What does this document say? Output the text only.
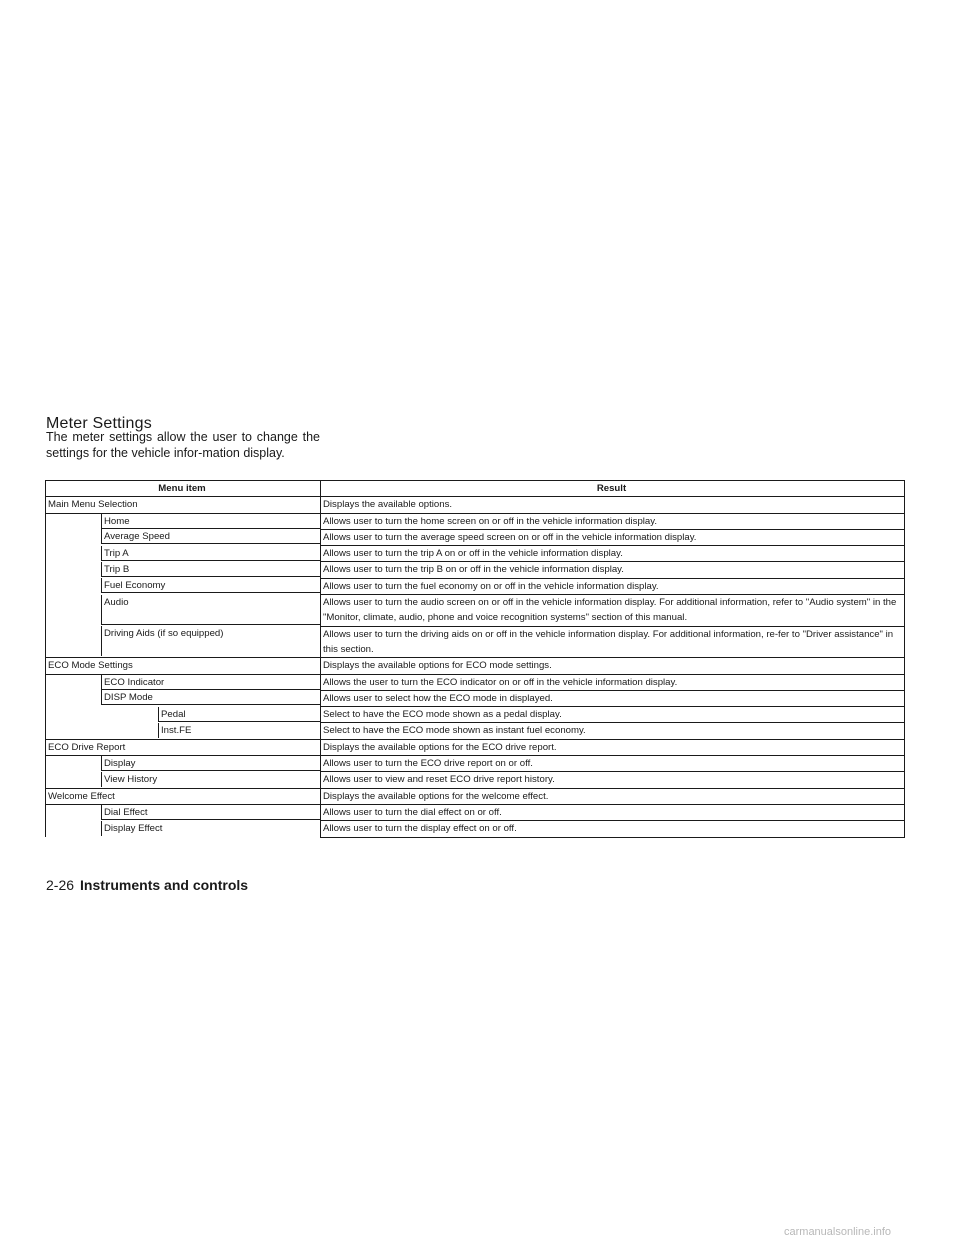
Meter Settings

The meter settings allow the user to change the settings for the vehicle infor-mation display.

Menu item	Result

Main Menu Selection	Displays the available options.

Home	Allows user to turn the home screen on or off in the vehicle information display.

Average Speed	Allows user to turn the average speed screen on or off in the vehicle information display.

Trip A	Allows user to turn the trip A on or off in the vehicle information display.

Trip B	Allows user to turn the trip B on or off in the vehicle information display.

Fuel Economy	Allows user to turn the fuel economy on or off in the vehicle information display.

Audio	Allows user to turn the audio screen on or off in the vehicle information display. For additional information, refer to "Audio system" in the "Monitor, climate, audio, phone and voice recognition systems" section of this manual.

Driving Aids (if so equipped)	Allows user to turn the driving aids on or off in the vehicle information display. For additional information, re-fer to "Driver assistance" in this section.

ECO Mode Settings	Displays the available options for ECO mode settings.

ECO Indicator	Allows the user to turn the ECO indicator on or off in the vehicle information display.

DISP Mode	Allows user to select how the ECO mode in displayed.

Pedal	Select to have the ECO mode shown as a pedal display.

Inst.FE	Select to have the ECO mode shown as instant fuel economy.

ECO Drive Report	Displays the available options for the ECO drive report.

Display	Allows user to turn the ECO drive report on or off.

View History	Allows user to view and reset ECO drive report history.

Welcome Effect	Displays the available options for the welcome effect.

Dial Effect	Allows user to turn the dial effect on or off.

Display Effect	Allows user to turn the display effect on or off.
2-26 Instruments and controls
carmanualsonline.info
